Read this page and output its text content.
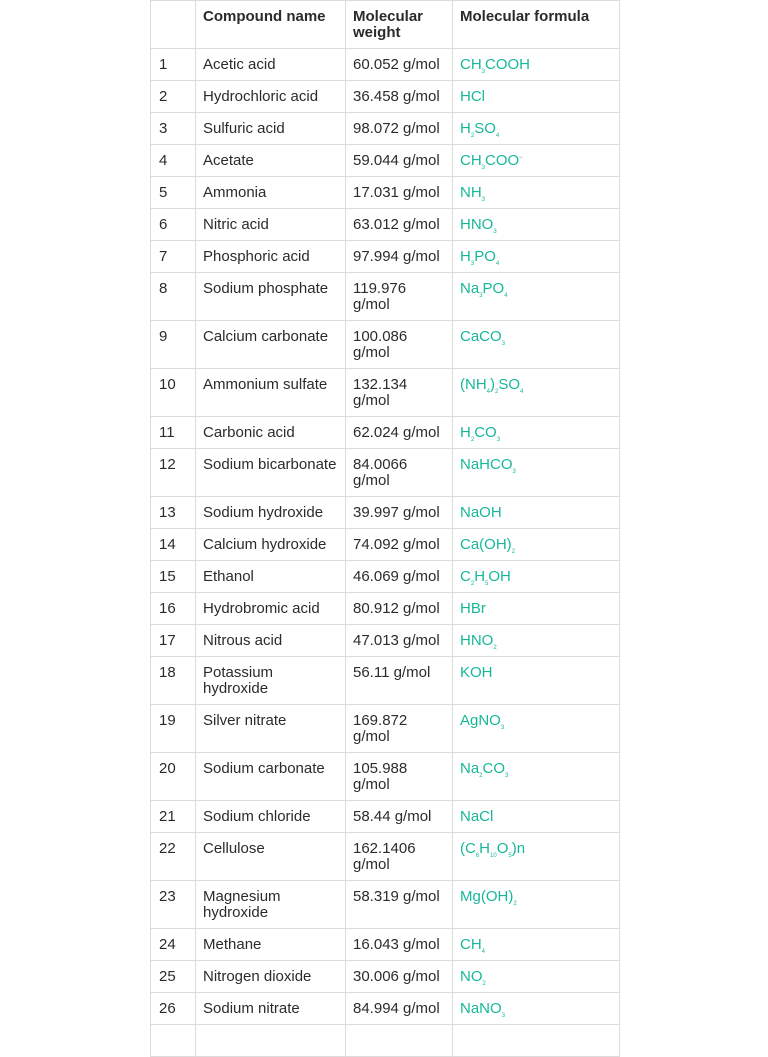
	Compound name	Molecular weight	Molecular formula
1	Acetic acid	60.052 g/mol	$CH_3COOH$
2	Hydrochloric acid	36.458 g/mol	HCl
3	Sulfuric acid	98.072 g/mol	$H_2SO_4$
4	Acetate	59.044 g/mol	$CH_3COO^-$
5	Ammonia	17.031 g/mol	$NH_3$
6	Nitric acid	63.012 g/mol	$HNO_3$
7	Phosphoric acid	97.994 g/mol	$H_3PO_4$
8	Sodium phosphate	119.976 g/mol	$Na_3PO_4$
9	Calcium carbonate	100.086 g/mol	CaCO$_3$
10	Ammonium sulfate	132.134 g/mol	$(NH_4)_2SO_4$
11	Carbonic acid	62.024 g/mol	$H_2CO_3$
12	Sodium bicarbonate	84.0066 g/mol	NaHCO$_3$
13	Sodium hydroxide	39.997 g/mol	NaOH
14	Calcium hydroxide	74.092 g/mol	$Ca(OH)_2$
15	Ethanol	46.069 g/mol	$C_2H_5OH$
16	Hydrobromic acid	80.912 g/mol	HBr
17	Nitrous acid	47.013 g/mol	$HNO_2$
18	Potassium hydroxide	56.11 g/mol	KOH
19	Silver nitrate	169.872 g/mol	AgNO$_3$
20	Sodium carbonate	105.988 g/mol	$Na_2CO_3$
21	Sodium chloride	58.44 g/mol	NaCl
22	Cellulose	162.1406 g/mol	$(C_6H_{10}O_5)n$
23	Magnesium hydroxide	58.319 g/mol	$Mg(OH)_2$
24	Methane	16.043 g/mol	$CH_4$
25	Nitrogen dioxide	30.006 g/mol	$NO_2$
26	Sodium nitrate	84.994 g/mol	NaNO$_3$
